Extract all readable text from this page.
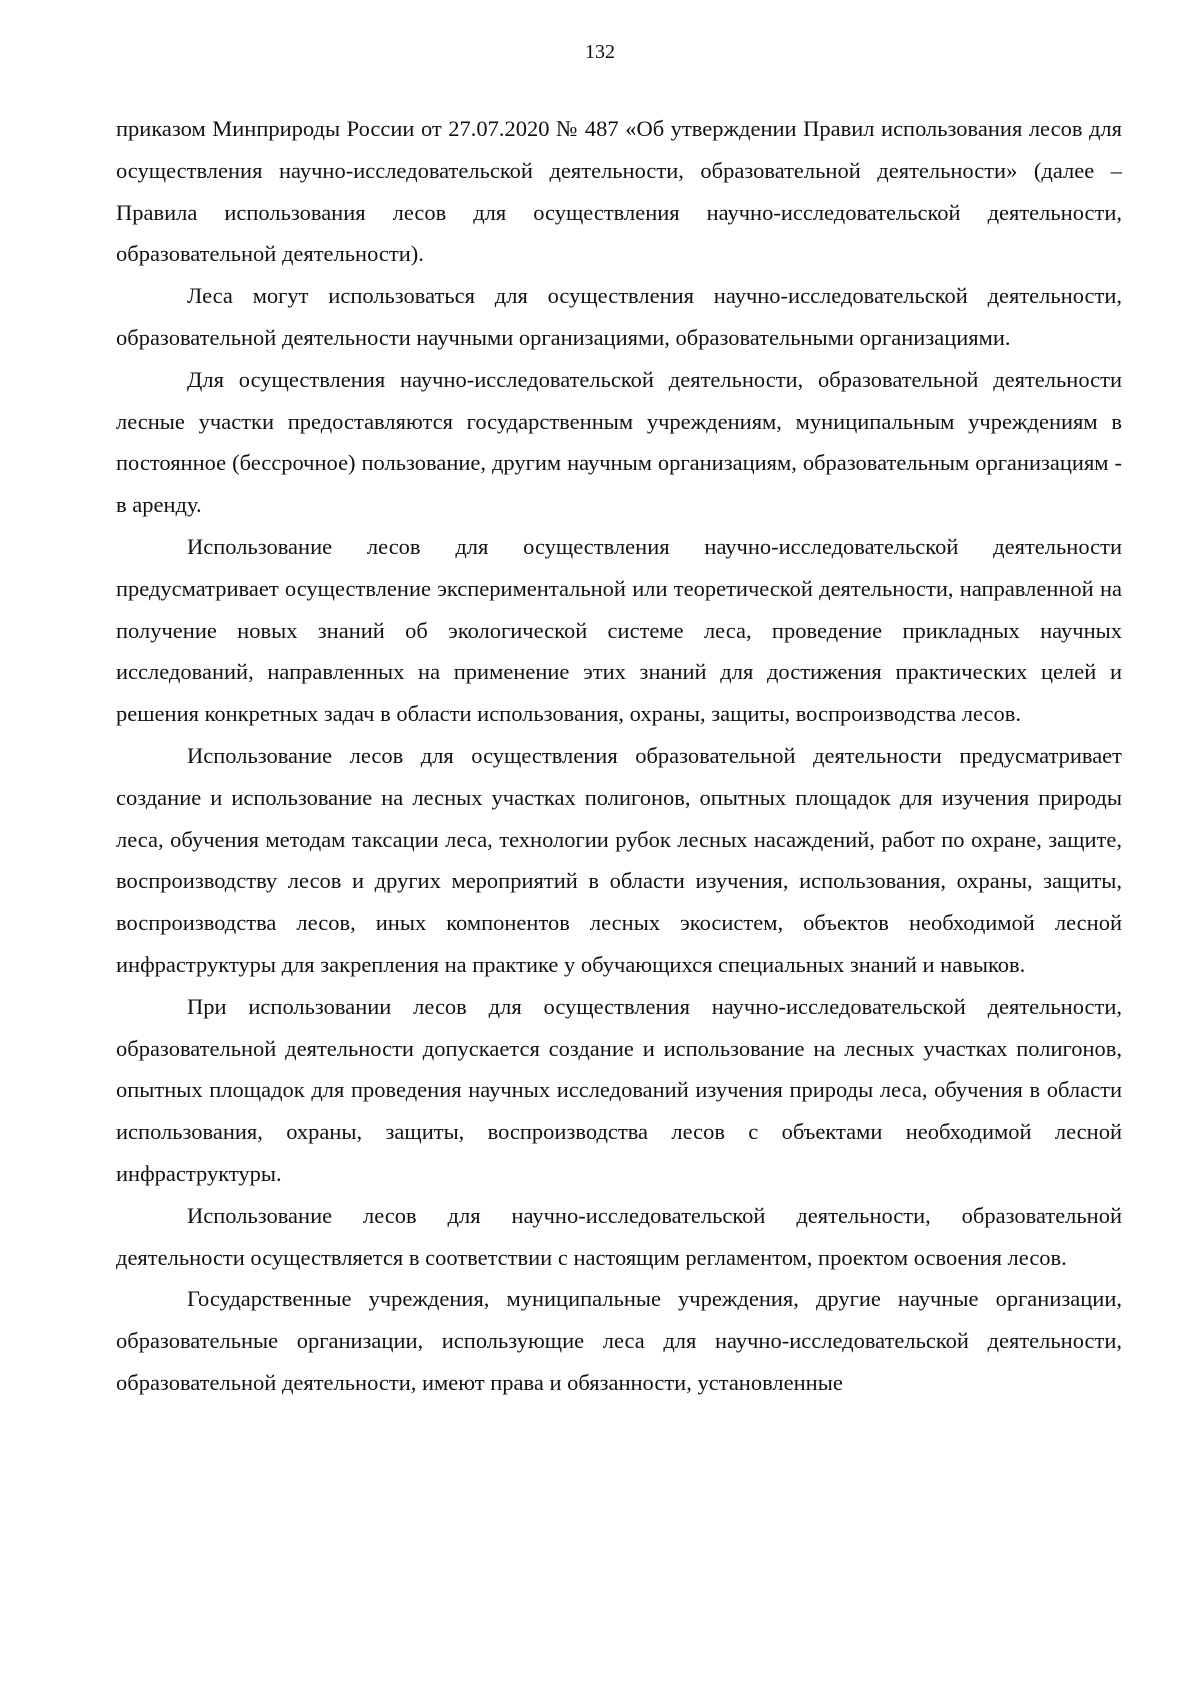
132

приказом Минприроды России от 27.07.2020 № 487 «Об утверждении Правил использования лесов для осуществления научно-исследовательской деятельности, образовательной деятельности» (далее – Правила использования лесов для осуществления научно-исследовательской деятельности, образовательной деятельности).

Леса могут использоваться для осуществления научно-исследовательской деятельности, образовательной деятельности научными организациями, образовательными организациями.

Для осуществления научно-исследовательской деятельности, образовательной деятельности лесные участки предоставляются государственным учреждениям, муниципальным учреждениям в постоянное (бессрочное) пользование, другим научным организациям, образовательным организациям - в аренду.

Использование лесов для осуществления научно-исследовательской деятельности предусматривает осуществление экспериментальной или теоретической деятельности, направленной на получение новых знаний об экологической системе леса, проведение прикладных научных исследований, направленных на применение этих знаний для достижения практических целей и решения конкретных задач в области использования, охраны, защиты, воспроизводства лесов.

Использование лесов для осуществления образовательной деятельности предусматривает создание и использование на лесных участках полигонов, опытных площадок для изучения природы леса, обучения методам таксации леса, технологии рубок лесных насаждений, работ по охране, защите, воспроизводству лесов и других мероприятий в области изучения, использования, охраны, защиты, воспроизводства лесов, иных компонентов лесных экосистем, объектов необходимой лесной инфраструктуры для закрепления на практике у обучающихся специальных знаний и навыков.

При использовании лесов для осуществления научно-исследовательской деятельности, образовательной деятельности допускается создание и использование на лесных участках полигонов, опытных площадок для проведения научных исследований изучения природы леса, обучения в области использования, охраны, защиты, воспроизводства лесов с объектами необходимой лесной инфраструктуры.

Использование лесов для научно-исследовательской деятельности, образовательной деятельности осуществляется в соответствии с настоящим регламентом, проектом освоения лесов.

Государственные учреждения, муниципальные учреждения, другие научные организации, образовательные организации, использующие леса для научно-исследовательской деятельности, образовательной деятельности, имеют права и обязанности, установленные
